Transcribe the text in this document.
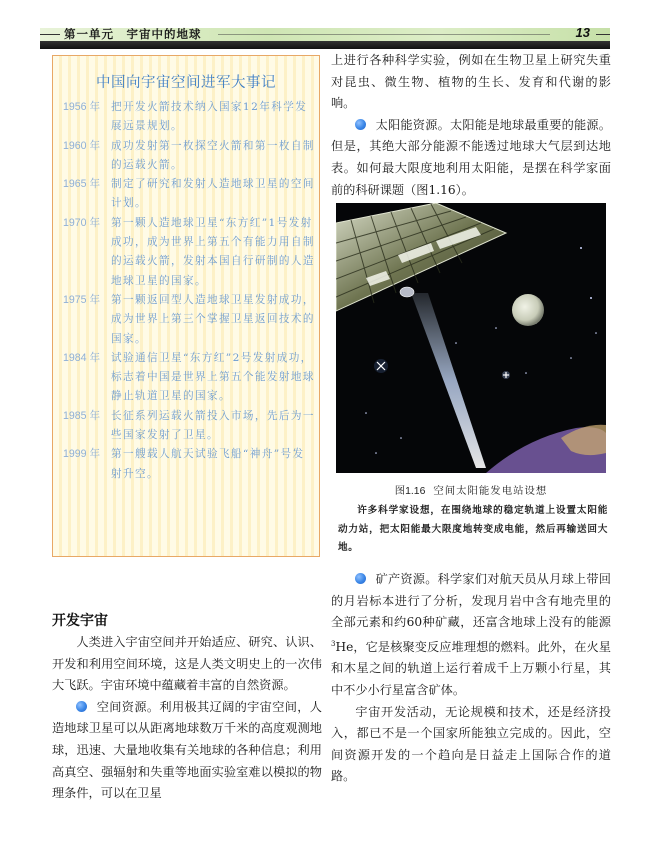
第一单元　宇宙中的地球	13
中国向宇宙空间进军大事记
1956 年	把开发火箭技术纳入国家12年科学发展远景规划。
1960 年	成功发射第一枚探空火箭和第一枚自制的运载火箭。
1965 年	制定了研究和发射人造地球卫星的空间计划。
1970 年	第一颗人造地球卫星“东方红”1号发射成功，成为世界上第五个有能力用自制的运载火箭，发射本国自行研制的人造地球卫星的国家。
1975 年	第一颗返回型人造地球卫星发射成功，成为世界上第三个掌握卫星返回技术的国家。
1984 年	试验通信卫星“东方红”2号发射成功，标志着中国是世界上第五个能发射地球静止轨道卫星的国家。
1985 年	长征系列运载火箭投入市场，先后为一些国家发射了卫星。
1999 年	第一艘载人航天试验飞船“神舟”号发射升空。
开发宇宙

人类进入宇宙空间并开始适应、研究、认识、开发和利用空间环境，这是人类文明史上的一次伟大飞跃。宇宙环境中蕴藏着丰富的自然资源。

空间资源。利用极其辽阔的宇宙空间，人造地球卫星可以从距离地球数万千米的高度观测地球，迅速、大量地收集有关地球的各种信息；利用高真空、强辐射和失重等地面实验室难以模拟的物理条件，可以在卫星

上进行各种科学实验，例如在生物卫星上研究失重对昆虫、微生物、植物的生长、发育和代谢的影响。

太阳能资源。太阳能是地球最重要的能源。但是，其绝大部分能源不能透过地球大气层到达地表。如何最大限度地利用太阳能，是摆在科学家面前的科研课题（图1.16）。

图1.16 空间太阳能发电站设想

许多科学家设想，在围绕地球的稳定轨道上设置太阳能动力站，把太阳能最大限度地转变成电能，然后再输送回大地。

矿产资源。科学家们对航天员从月球上带回的月岩标本进行了分析，发现月岩中含有地壳里的全部元素和约60种矿藏，还富含地球上没有的能源$^3$He，它是核聚变反应堆理想的燃料。此外，在火星和木星之间的轨道上运行着成千上万颗小行星，其中不少小行星富含矿体。

宇宙开发活动，无论规模和技术，还是经济投入，都已不是一个国家所能独立完成的。因此，空间资源开发的一个趋向是日益走上国际合作的道路。
